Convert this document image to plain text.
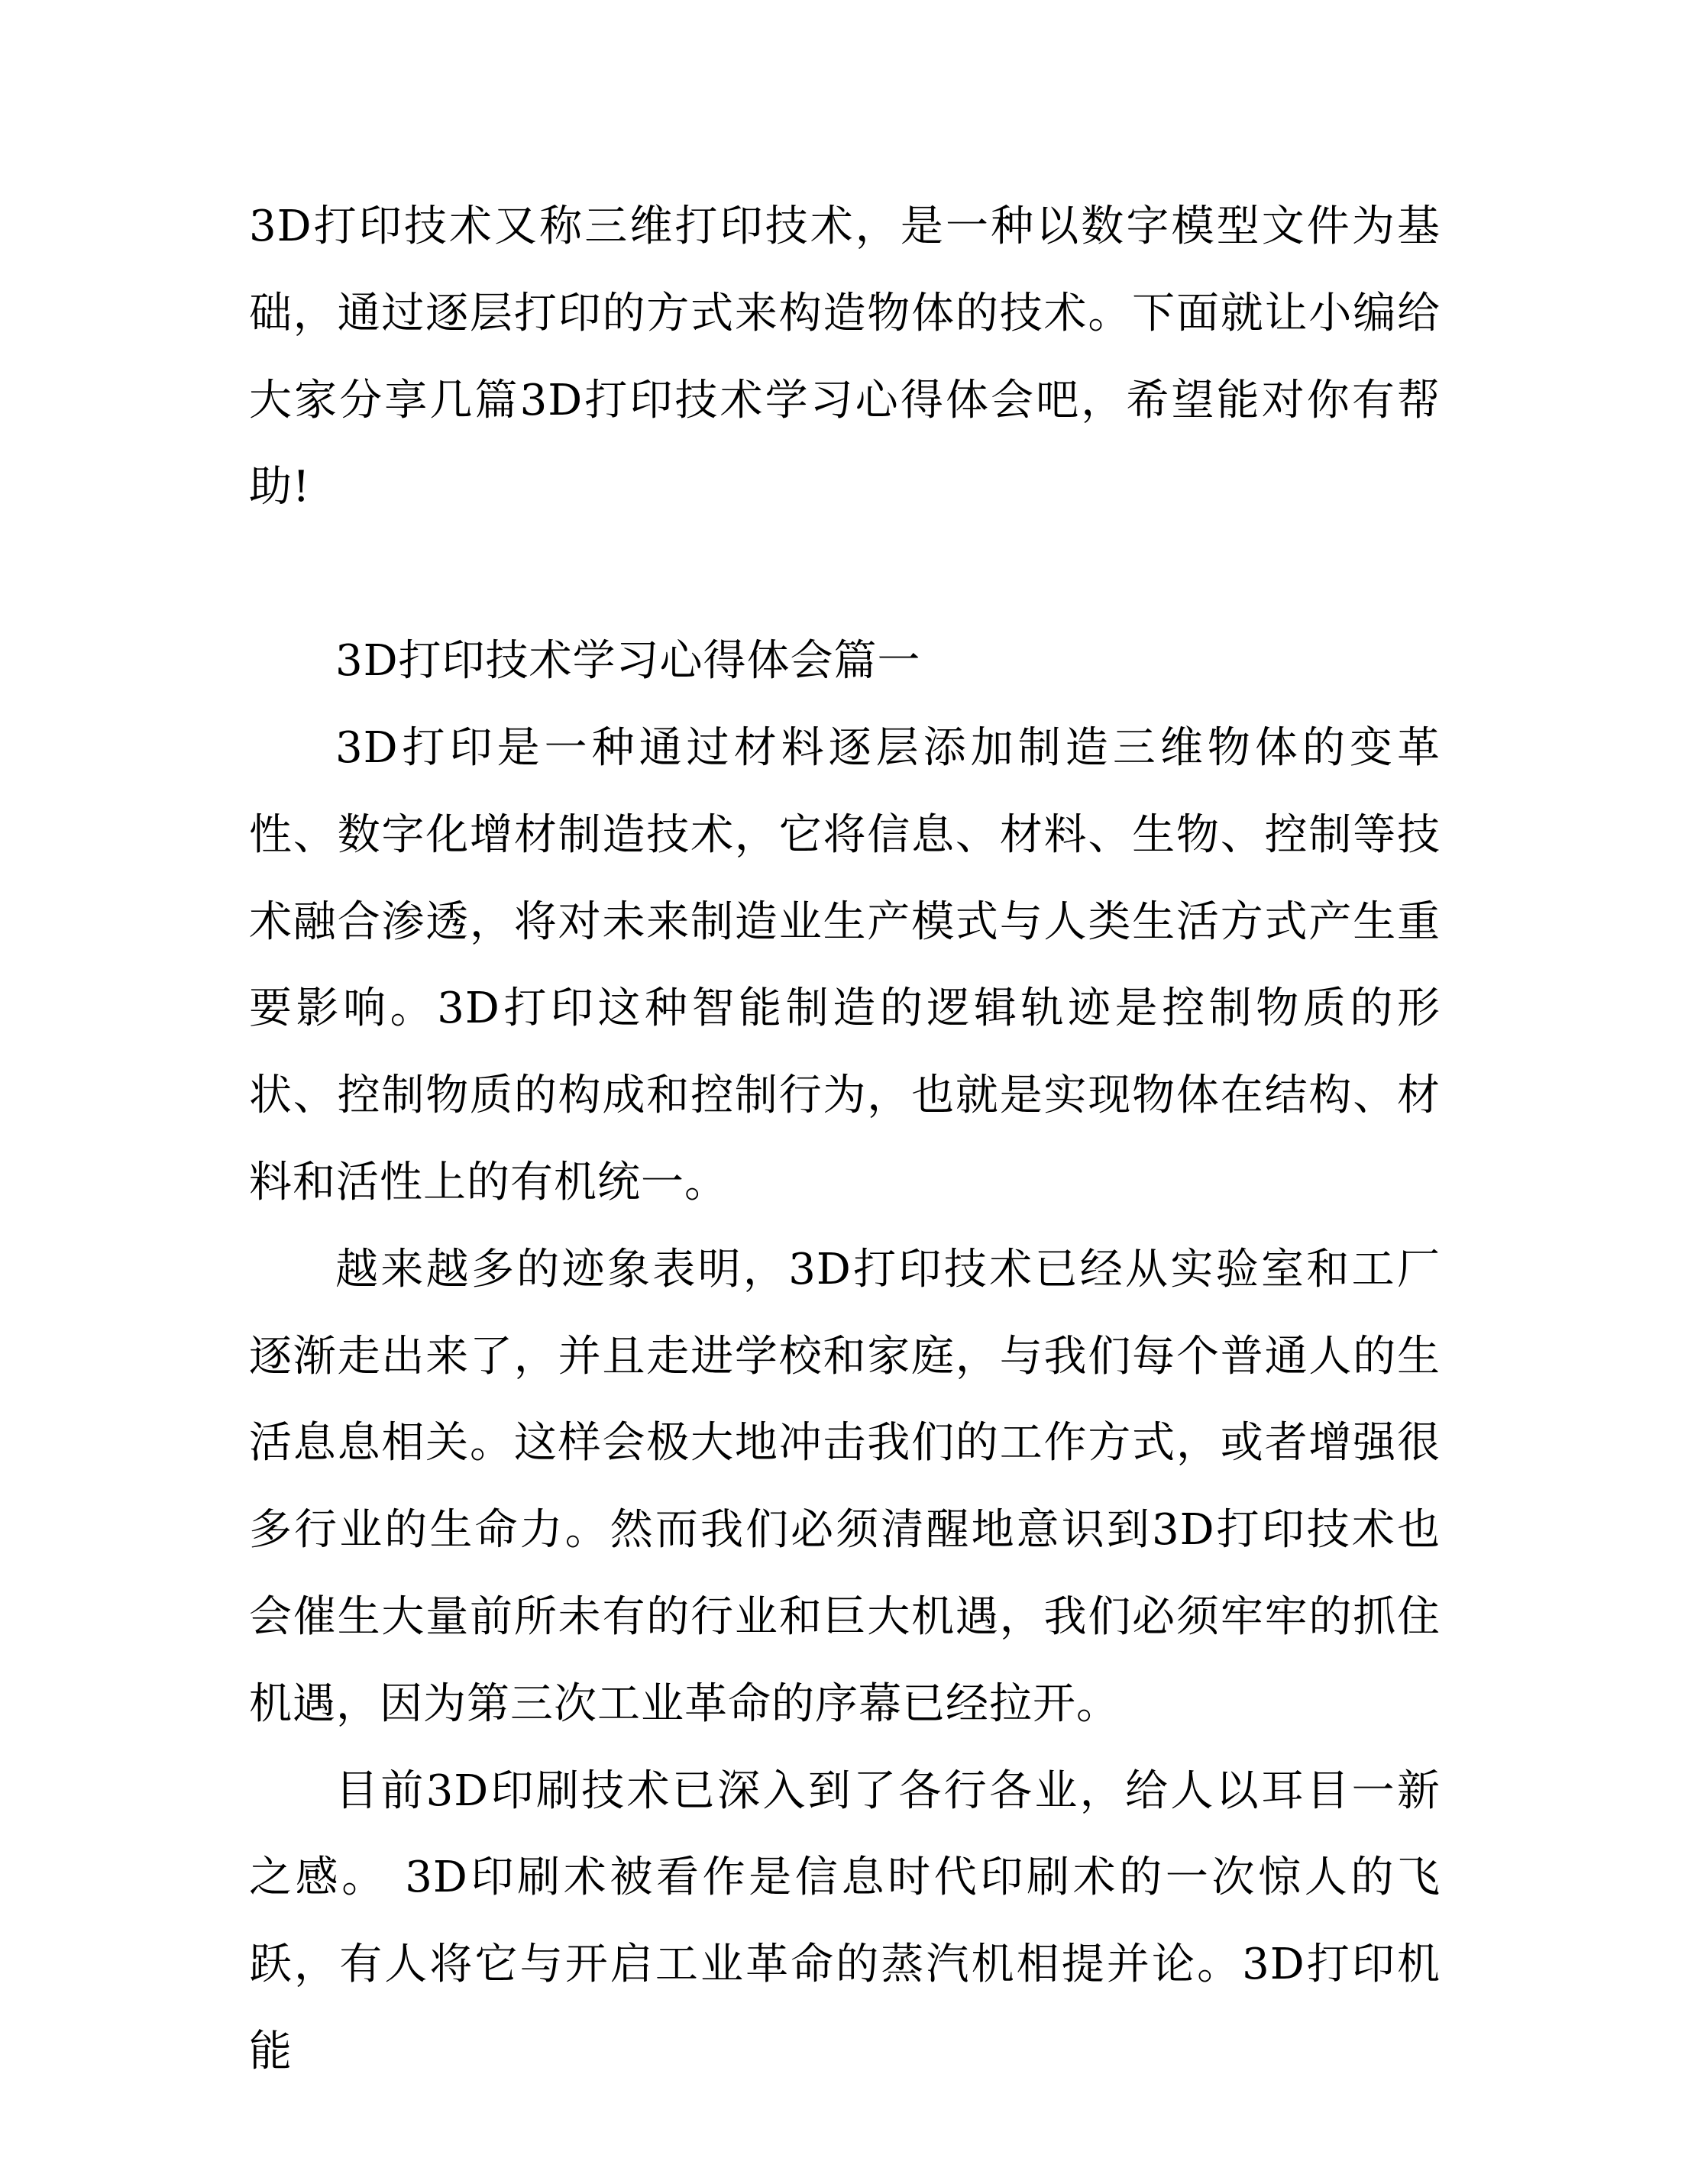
3D打印技术又称三维打印技术，是一种以数字模型文件为基础，通过逐层打印的方式来构造物体的技术。下面就让小编给大家分享几篇3D打印技术学习心得体会吧，希望能对你有帮助!

3D打印技术学习心得体会篇一

3D打印是一种通过材料逐层添加制造三维物体的变革性、数字化增材制造技术，它将信息、材料、生物、控制等技术融合渗透，将对未来制造业生产模式与人类生活方式产生重要影响。3D打印这种智能制造的逻辑轨迹是控制物质的形状、控制物质的构成和控制行为，也就是实现物体在结构、材料和活性上的有机统一。

越来越多的迹象表明，3D打印技术已经从实验室和工厂逐渐走出来了，并且走进学校和家庭，与我们每个普通人的生活息息相关。这样会极大地冲击我们的工作方式，或者增强很多行业的生命力。然而我们必须清醒地意识到3D打印技术也会催生大量前所未有的行业和巨大机遇，我们必须牢牢的抓住机遇，因为第三次工业革命的序幕已经拉开。

目前3D印刷技术已深入到了各行各业，给人以耳目一新之感。 3D印刷术被看作是信息时代印刷术的一次惊人的飞跃，有人将它与开启工业革命的蒸汽机相提并论。3D打印机能
